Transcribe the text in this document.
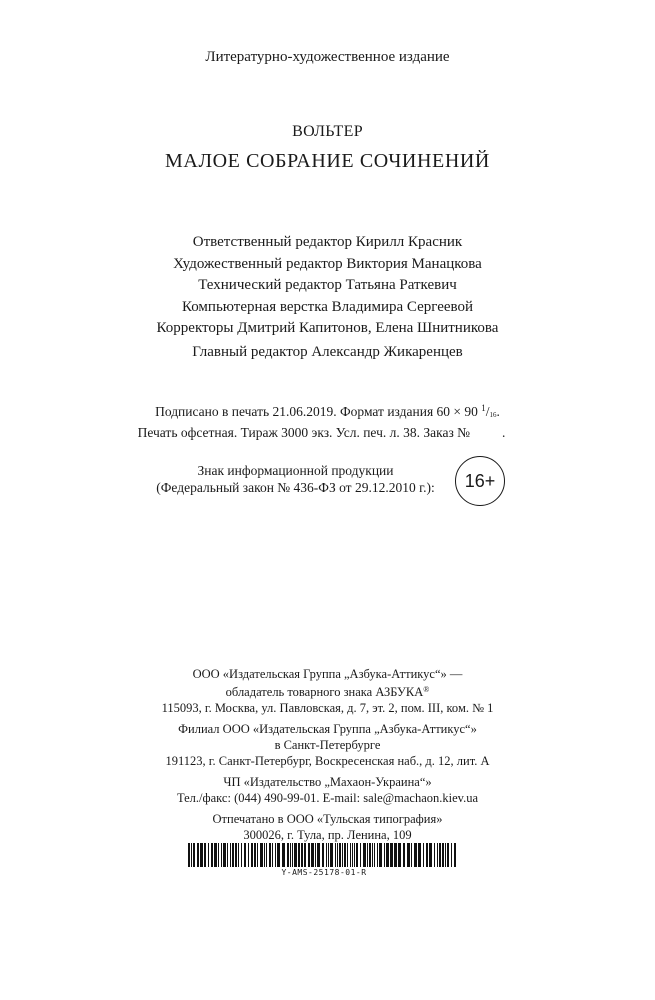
Литературно-художественное издание
ВОЛЬТЕР
МАЛОЕ СОБРАНИЕ СОЧИНЕНИЙ
Ответственный редактор Кирилл Красник
Художественный редактор Виктория Манацкова
Технический редактор Татьяна Раткевич
Компьютерная верстка Владимира Сергеевой
Корректоры Дмитрий Капитонов, Елена Шнитникова
Главный редактор Александр Жикаренцев
Подписано в печать 21.06.2019. Формат издания 60 × 90 $^1/_{16}$.
Печать офсетная. Тираж 3000 экз. Усл. печ. л. 38. Заказ № .
Знак информационной продукции
(Федеральный закон № 436-ФЗ от 29.12.2010 г.):	16+
ООО «Издательская Группа „Азбука-Аттикус“» —
обладатель товарного знака АЗБУКА®
115093, г. Москва, ул. Павловская, д. 7, эт. 2, пом. III, ком. № 1
Филиал ООО «Издательская Группа „Азбука-Аттикус“»
в Санкт-Петербурге
191123, г. Санкт-Петербург, Воскресенская наб., д. 12, лит. А
ЧП «Издательство „Махаон-Украина“»
Тел./факс: (044) 490-99-01. E-mail: sale@machaon.kiev.ua
Отпечатано в ООО «Тульская типография»
300026, г. Тула, пр. Ленина, 109
Y-AMS-25178-01-R
